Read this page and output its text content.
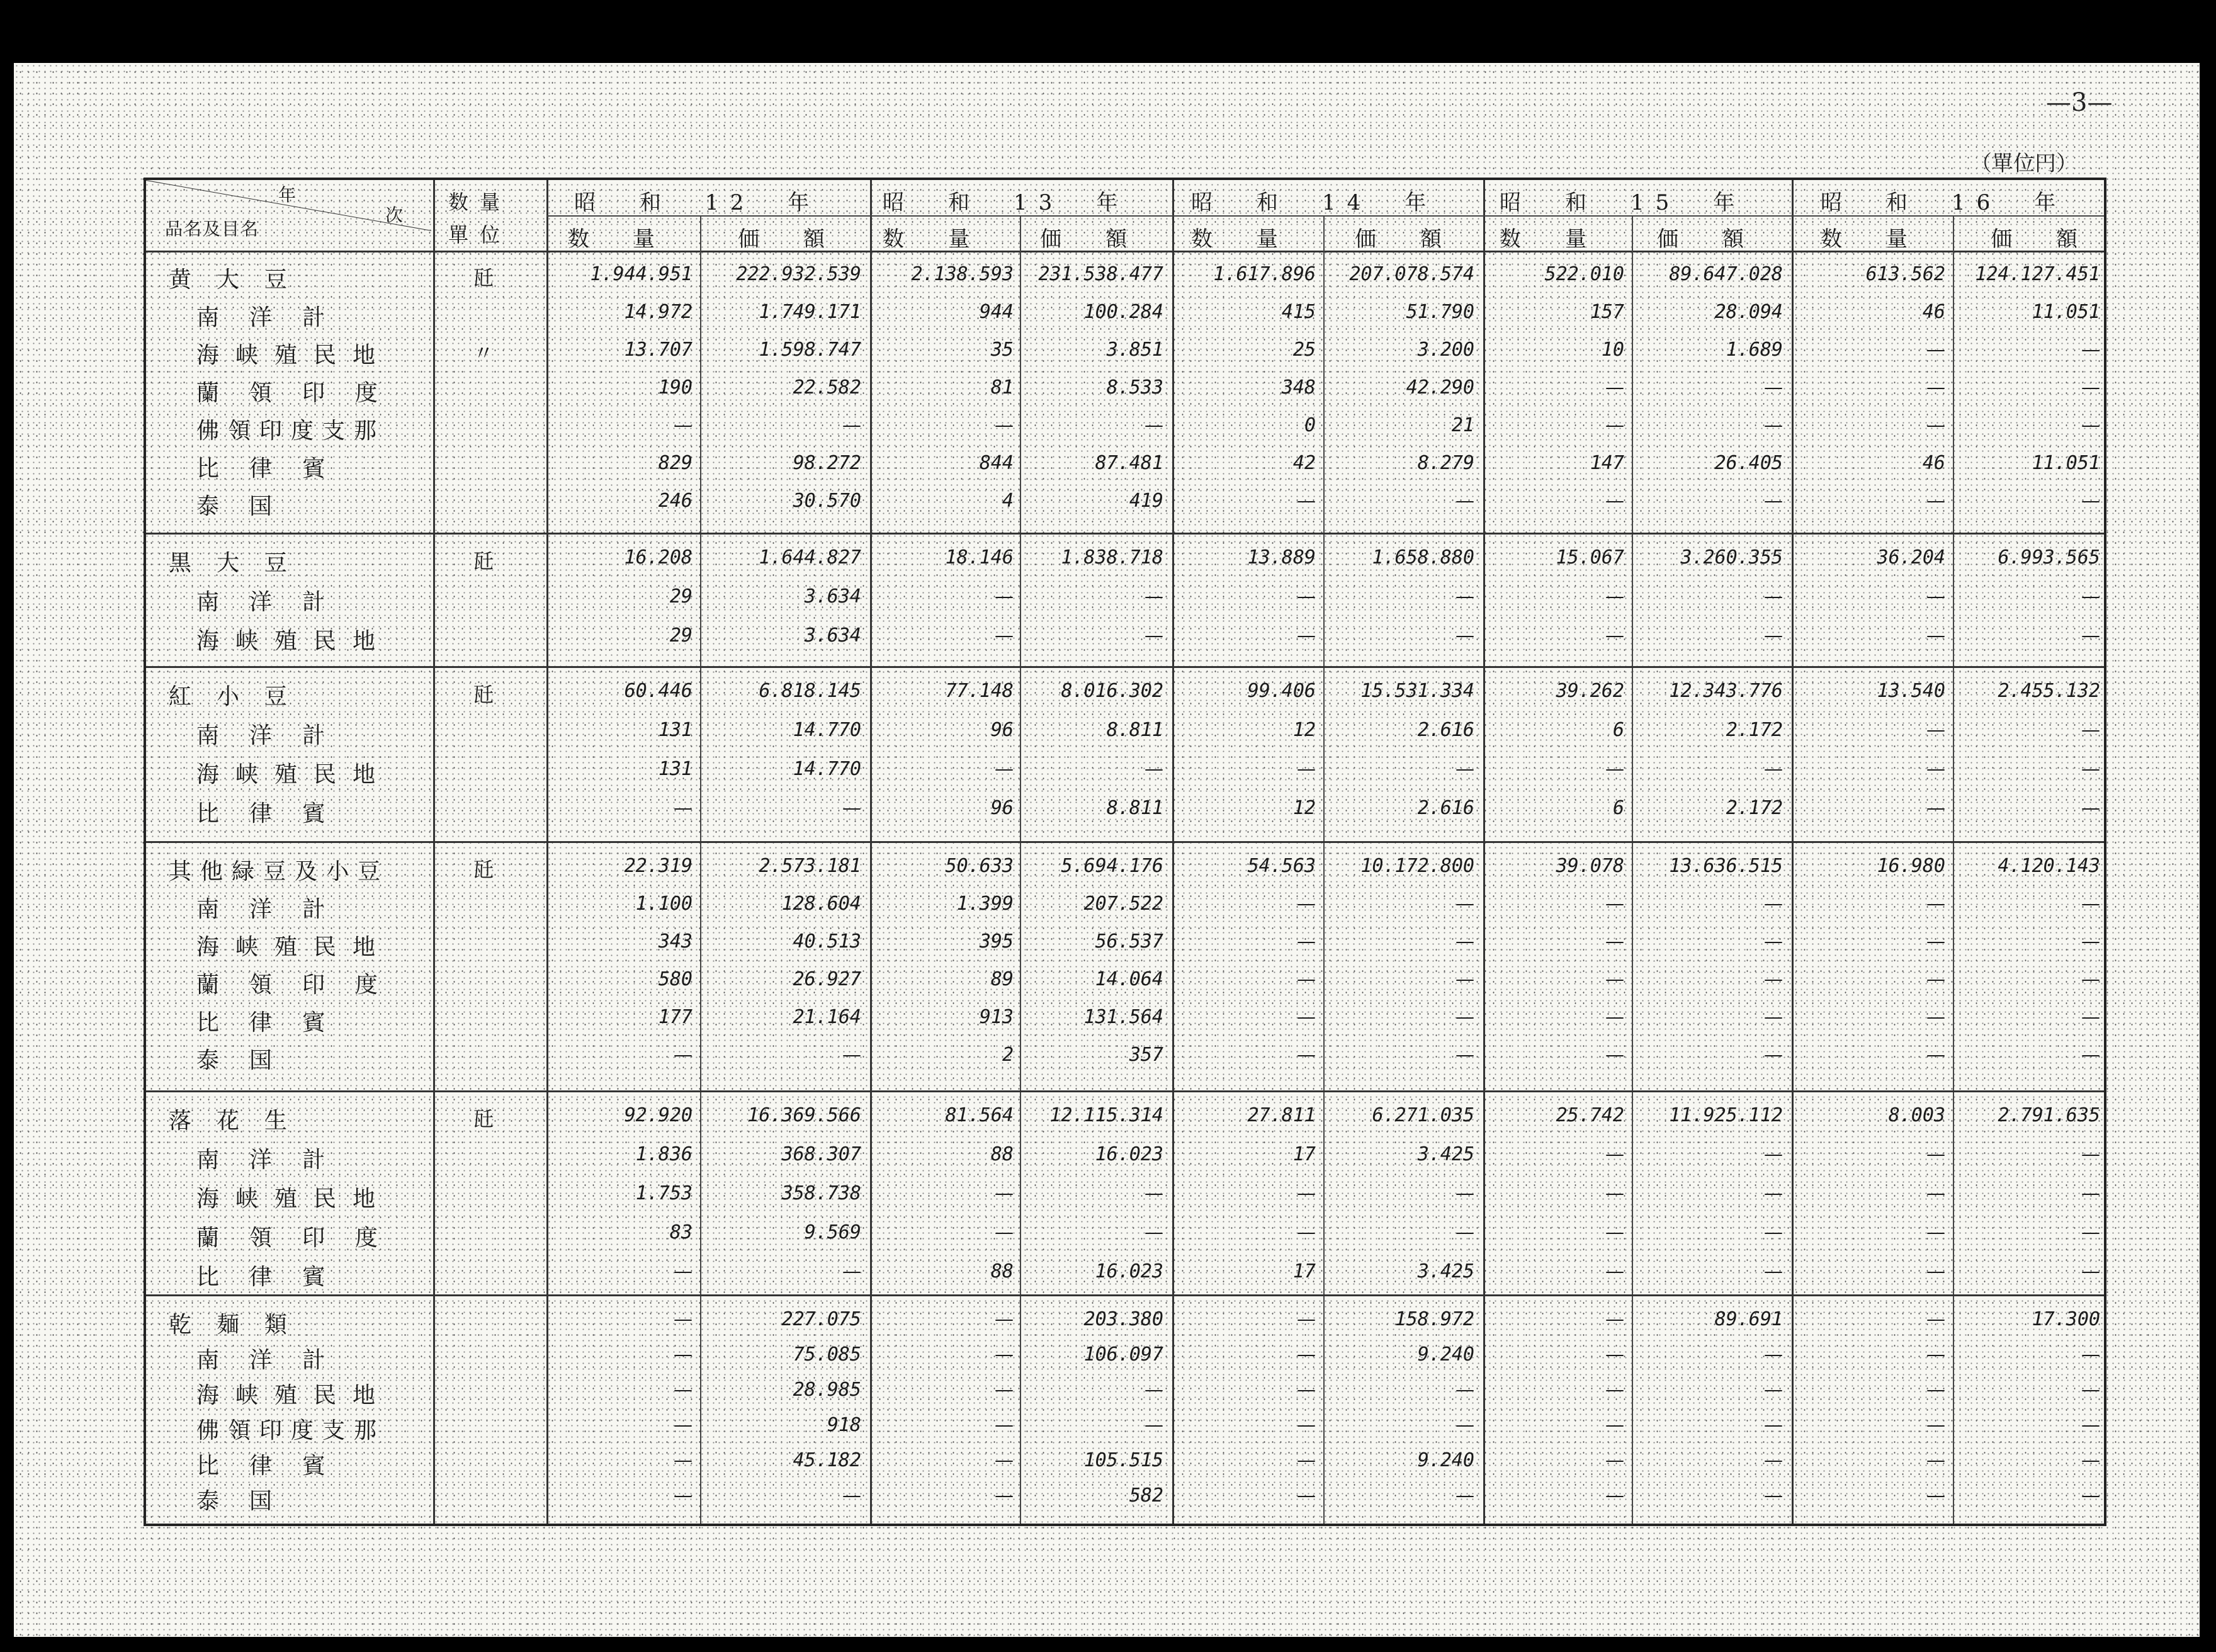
—3—
（單位円）
年
次
品名及目名
数量
單位
昭　和　12　年	昭　和　13　年	昭　和　14　年	昭　和　15　年	昭　和　16　年
数　量	価　額 数　量	価　額 数　量	価　額 数　量	価　額	数　量	価　額
黄大豆	瓩	1.944.951 222.932.539	2.138.593 231.538.477	1.617.896 207.078.574	522.010 89.647.028	613.562 124.127.451
南洋計	14.972	1.749.171	944	100.284	415	51.790	157	28.094	46	11.051
海峡殖民地	〃	13.707	1.598.747	35	3.851	25	3.200	10	1.689	—	—
蘭領印度	190	22.582	81	8.533	348	42.290	—	—	—	—
佛領印度支那	—	—	—	—	0	21	—	—	—	—
比律賓	829	98.272	844	87.481	42	8.279	147	26.405	46	11.051
泰国	246	30.570	4	419	—	—	—	—	—	—
黒大豆	瓩	16.208	1.644.827	18.146	1.838.718	13.889	1.658.880	15.067	3.260.355	36.204	6.993.565
南洋計	29	3.634	—	—	—	—	—	—	—	—
海峡殖民地	29	3.634	—	—	—	—	—	—	—	—
紅小豆	瓩	60.446	6.818.145	77.148	8.016.302	99.406 15.531.334	39.262 12.343.776	13.540	2.455.132
南洋計	131	14.770	96	8.811	12	2.616	6	2.172	—	—
海峡殖民地	131	14.770	—	—	—	—	—	—	—	—
比律賓	—	—	96	8.811	12	2.616	6	2.172	—	—
其他緑豆及小豆	瓩	22.319	2.573.181	50.633	5.694.176	54.563 10.172.800	39.078 13.636.515	16.980	4.120.143
南洋計	1.100	128.604	1.399	207.522	—	—	—	—	—	—
海峡殖民地	343	40.513	395	56.537	—	—	—	—	—	—
蘭領印度	580	26.927	89	14.064	—	—	—	—	—	—
比律賓	177	21.164	913	131.564	—	—	—	—	—	—
泰国	—	—	2	357	—	—	—	—	—	—
落花生	瓩	92.920	16.369.566	81.564 12.115.314	27.811	6.271.035	25.742 11.925.112	8.003	2.791.635
南洋計	1.836	368.307	88	16.023	17	3.425	—	—	—	—
海峡殖民地	1.753	358.738	—	—	—	—	—	—	—	—
蘭領印度	83	9.569	—	—	—	—	—	—	—	—
比律賓	—	—	88	16.023	17	3.425	—	—	—	—
乾麺類	—	227.075	—	203.380	—	158.972	—	89.691	—	17.300
南洋計	—	75.085	—	106.097	—	9.240	—	—	—	—
海峡殖民地	—	28.985	—	—	—	—	—	—	—	—
佛領印度支那	—	918	—	—	—	—	—	—	—	—
比律賓	—	45.182	—	105.515	—	9.240	—	—	—	—
泰国	—	—	—	582	—	—	—	—	—	—
